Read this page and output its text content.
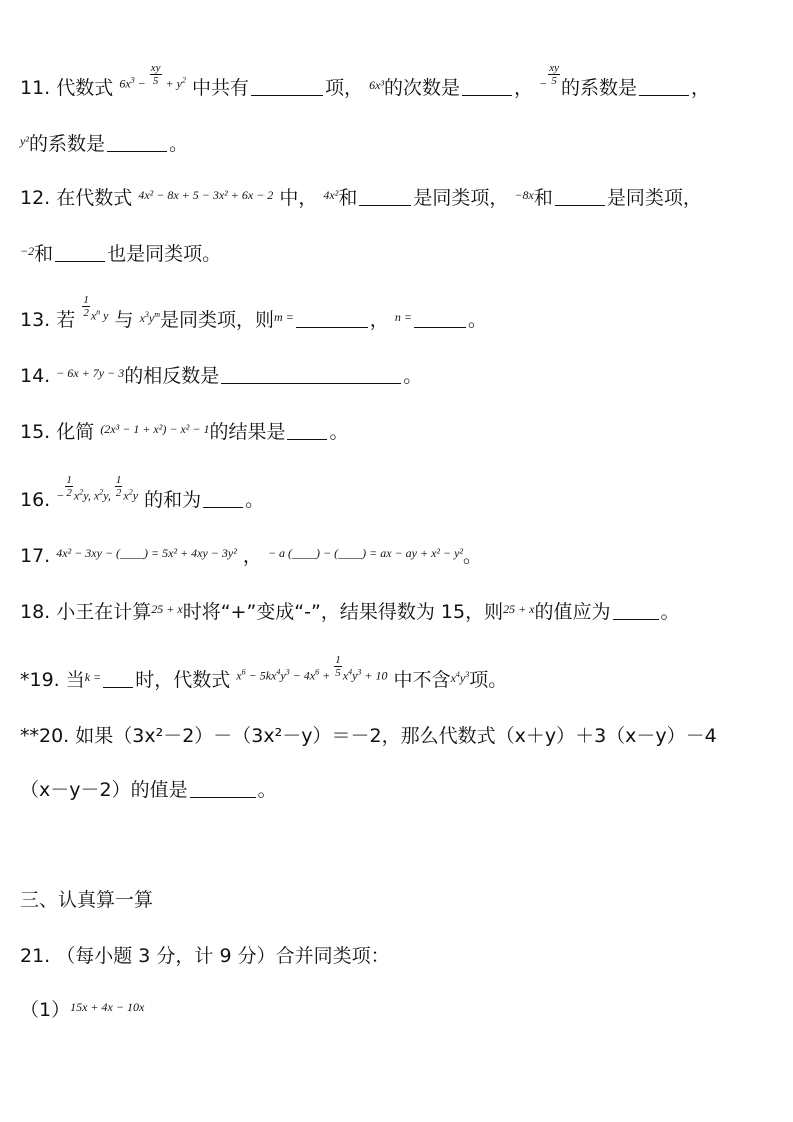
11. 代数式 $6x^3 - \frac{xy}{5} + y^2$ 中共有	项， 6x³的次数是	， − $\frac{xy}{5}$
的系数是	，
y²的系数是	。
12. 在代数式 4x² − 8x + 5 − 3x² + 6x − 2 中， 4x²和	是同类项， −8x和	是同类项，
−2和	也是同类项。
13. 若
$\frac{1}{2} x^n$ y 与 $x^3y^m$是同类项，则m =	， n =	。
14. − 6x + 7y − 3的相反数是	。
15. 化简 (2x³ − 1 + x²) − x² − 1的结果是 。
16. − $\frac{1}{2} x^2y$, $x^2y$, $\frac{1}{2} x^2y$ 的和为 。
17. 4x² − 3xy − (____) = 5x² + 4xy − 3y² ， − a (____) − (____) = ax − ay + x² − y²。
18. 小王在计算25 + x时将“+”变成“-”，结果得数为 15，则25 + x的值应为	。
*19. 当k = 时，代数式 $x^6 - 5kx^4y^3 - 4x^6 + \frac{1}{5} x^4y^3 + 10$ 中不含$x^4y^3$项。
**20. 如果（3x²－2）－（3x²－y）＝－2，那么代数式（x＋y）＋3（x－y）－4
（x－y－2）的值是	。
三、认真算一算
21. （每小题 3 分，计 9 分）合并同类项：
（1）15x + 4x − 10x
